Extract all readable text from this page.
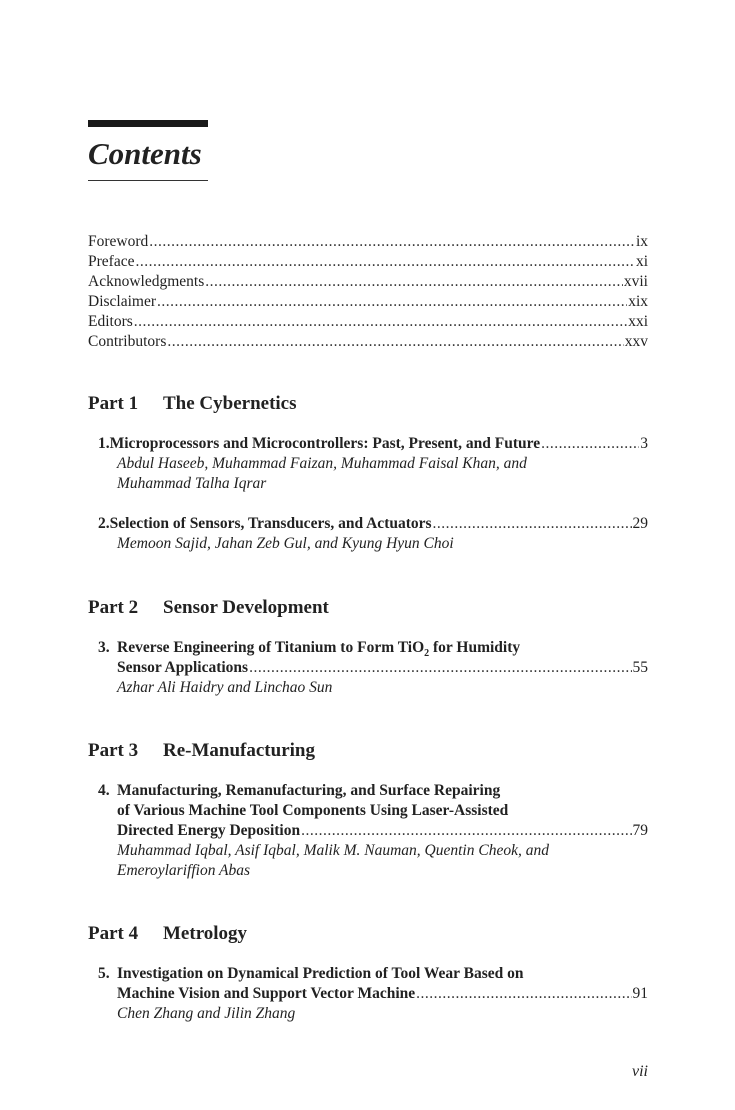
Contents
Foreword .....	ix
Preface .....	xi
Acknowledgments .....	xvii
Disclaimer .....	xix
Editors .....	xxi
Contributors .....	xxv
Part 1 The Cybernetics
1. Microprocessors and Microcontrollers: Past, Present, and Future .....	3
Abdul Haseeb, Muhammad Faizan, Muhammad Faisal Khan, and
Muhammad Talha Iqrar
2. Selection of Sensors, Transducers, and Actuators .....	29
Memoon Sajid, Jahan Zeb Gul, and Kyung Hyun Choi
Part 2 Sensor Development
3. Reverse Engineering of Titanium to Form TiO$_2$ for Humidity
Sensor Applications .....	55
Azhar Ali Haidry and Linchao Sun
Part 3 Re-Manufacturing
4. Manufacturing, Remanufacturing, and Surface Repairing
of Various Machine Tool Components Using Laser-Assisted
Directed Energy Deposition .....	79
Muhammad Iqbal, Asif Iqbal, Malik M. Nauman, Quentin Cheok, and
Emeroylariffion Abas
Part 4 Metrology
5. Investigation on Dynamical Prediction of Tool Wear Based on
Machine Vision and Support Vector Machine .....	91
Chen Zhang and Jilin Zhang
vii
